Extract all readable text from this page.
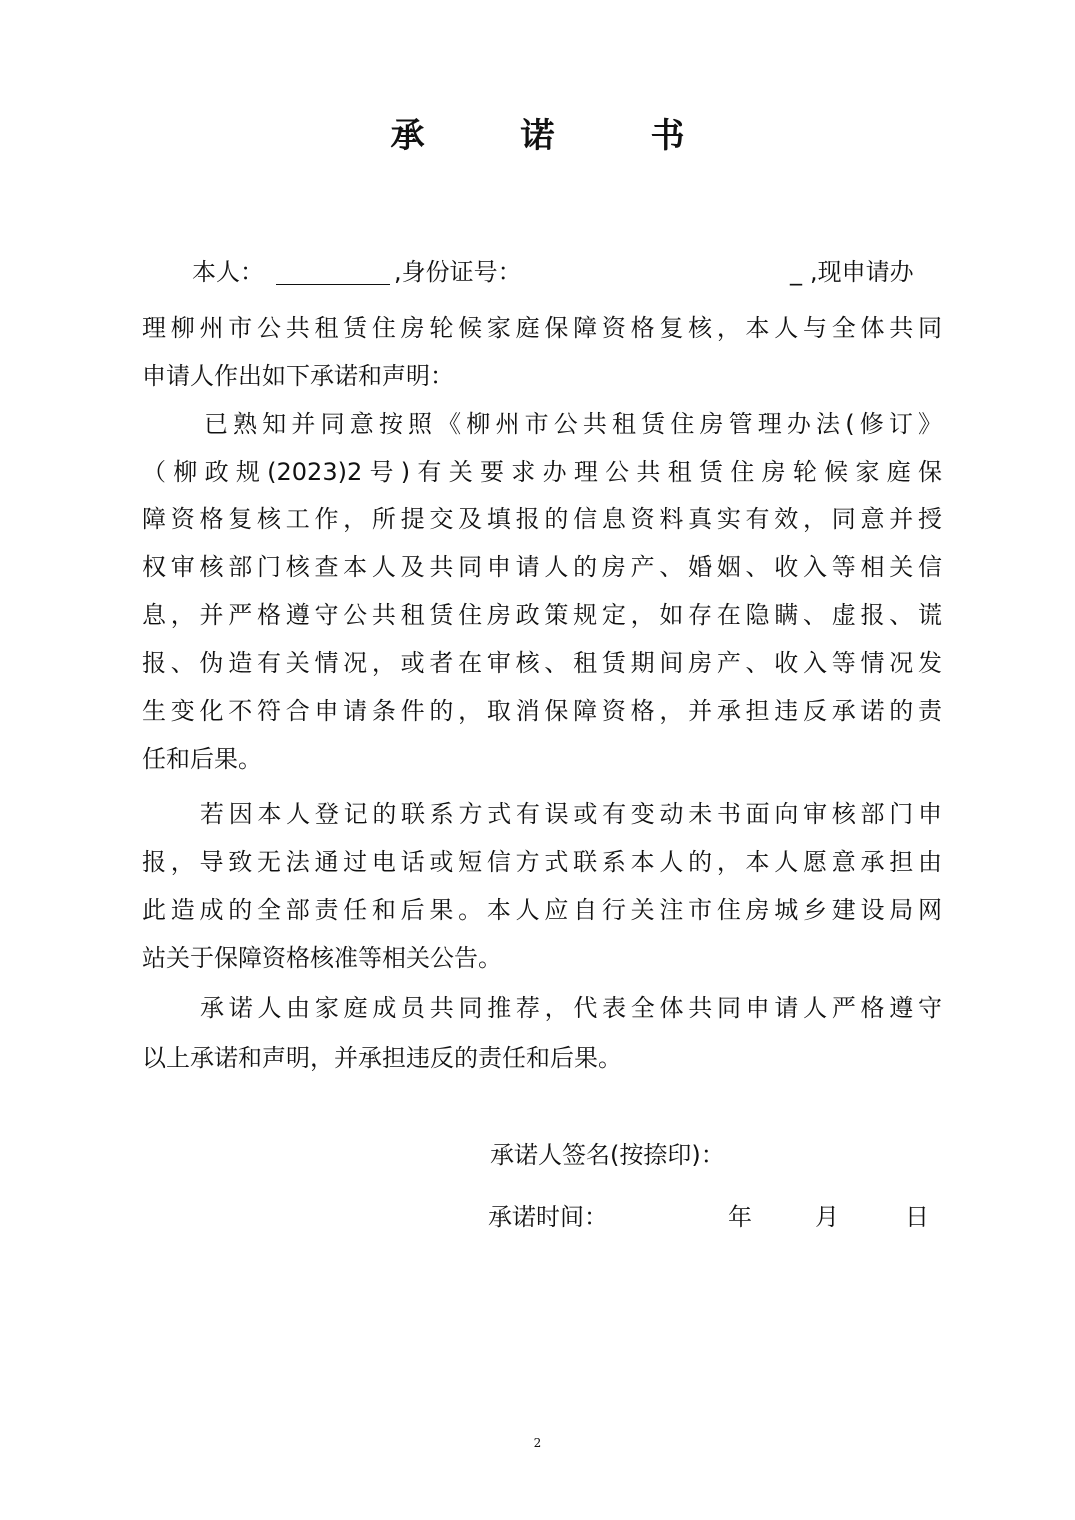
承	诺	书
本人：	,身份证号：	_ ,现申请办
理柳州市公共租赁住房轮候家庭保障资格复核，本人与全体共同
申请人作出如下承诺和声明：
已熟知并同意按照《柳州市公共租赁住房管理办法(修订》
（柳政规(2023)2号)有关要求办理公共租赁住房轮候家庭保
障资格复核工作，所提交及填报的信息资料真实有效，同意并授
权审核部门核查本人及共同申请人的房产、婚姻、收入等相关信
息，并严格遵守公共租赁住房政策规定，如存在隐瞒、虚报、谎
报、伪造有关情况，或者在审核、租赁期间房产、收入等情况发
生变化不符合申请条件的，取消保障资格，并承担违反承诺的责
任和后果。
若因本人登记的联系方式有误或有变动未书面向审核部门申
报，导致无法通过电话或短信方式联系本人的，本人愿意承担由
此造成的全部责任和后果。本人应自行关注市住房城乡建设局网
站关于保障资格核准等相关公告。
承诺人由家庭成员共同推荐，代表全体共同申请人严格遵守
以上承诺和声明，并承担违反的责任和后果。
承诺人签名(按捺印)：
承诺时间：	年	月	日
2
